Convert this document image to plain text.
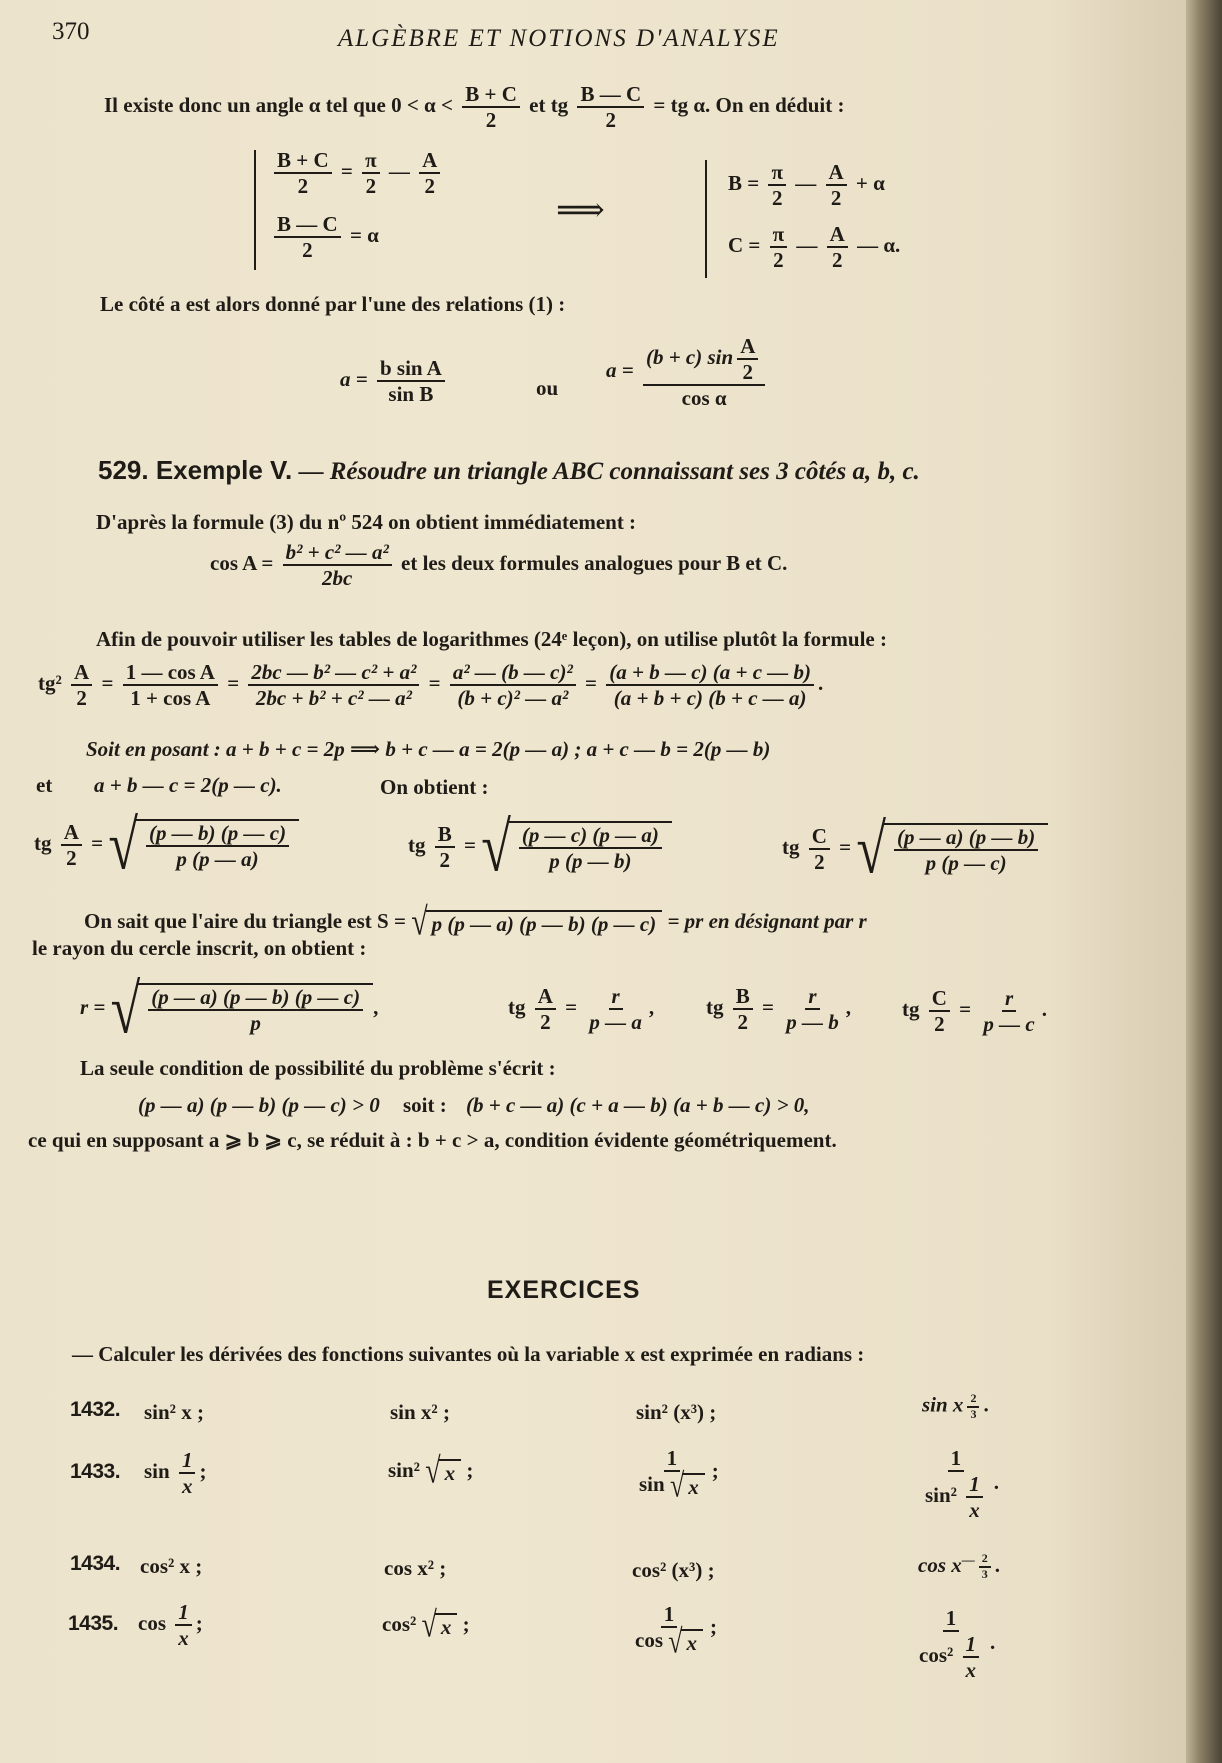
370	ALGÈBRE ET NOTIONS D'ANALYSE
Il existe donc un angle α tel que $0 < \alpha < \frac{B + C}{2}$ et tg $\frac{B — C}{2}$ = tg α. On en déduit :
$\frac{B + C}{2} = \frac{\pi}{2}$ — $\frac{A}{2}$
$\frac{B — C}{2} = \alpha$
⟹
$B = \frac{\pi}{2}$ — $\frac{A}{2} + \alpha$
$C = \frac{\pi}{2}$ — $\frac{A}{2}$ — α.
Le côté a est alors donné par l'une des relations (1) :
$a = \frac{\text{b sin A}}{\text{sin B}}$	ou
$a = \frac{(b + c) \sin \frac{A}{2}}{\text{cos α}}$
529. Exemple V. — Résoudre un triangle ABC connaissant ses 3 côtés a, b, c.
D'après la formule (3) du nº 524 on obtient immédiatement :
$\cos A = \frac{\text{b² + c² — a²}}{2bc}$ et les deux formules analogues pour B et C.
Afin de pouvoir utiliser les tables de logarithmes (24ᵉ leçon), on utilise plutôt la formule :
$tg^2 \frac{A}{2} = \frac{\text{1 — cos A}}{\text{1 + cos A}} = \frac{\text{2bc — b² — c² + a²}}{\text{2bc + b² + c² — a²}} = \frac{\text{a² — (b — c)²}}{\text{(b + c)² — a²}} = \frac{(a + b — c) (a + c — b)}{(a + b + c) (b + c — a)}$ .
Soit en posant : a + b + c = 2p ⟹ b + c — a = 2(p — a) ; a + c — b = 2(p — b)
et a + b — c = 2(p — c).	On obtient :
tg $\frac{A}{2}$ = √ $\frac{(p — b) (p — c)}{p (p — a)}$	tg $\frac{B}{2}$ = √ $\frac{(p — c) (p — a)}{p (p — b)}$	tg $\frac{C}{2}$ = √ $\frac{(p — a) (p — b)}{p (p — c)}$
On sait que l'aire du triangle est S = √ p (p — a) (p — b) (p — c) = pr en désignant par r
le rayon du cercle inscrit, on obtient :
r = √ $\frac{(p — a) (p — b) (p — c)}{p}$ ,	tg $\frac{A}{2} = \frac{r}{p — a}$ , tg $\frac{B}{2} = \frac{r}{p — b}$ , tg $\frac{C}{2} = \frac{r}{p — c}$ .
La seule condition de possibilité du problème s'écrit :
(p — a) (p — b) (p — c) > 0 soit : (b + c — a) (c + a — b) (a + b — c) > 0,
ce qui en supposant a ⩾ b ⩾ c, se réduit à : b + c > a, condition évidente géométriquement.
EXERCICES
— Calculer les dérivées des fonctions suivantes où la variable x est exprimée en radians :
1432. sin² x ;	sin x² ;	sin² (x³) ;	sin x $\frac{2}{3}$ .
1433. $\sin \frac{1}{x}$ ;	sin² √ x ;	$\frac{1}{\sin √ x}$ ;	$\frac{1}{\sin^2 \frac{1}{x}}$ .
1434. cos² x ;	cos x² ;	cos² (x³) ;	$\cos x^— \frac{2}{3}$ .
1435. $\cos \frac{1}{x}$ ;	cos² √ x ;	$\frac{1}{\cos √ x}$ ;	$\frac{1}{\cos^2 \frac{1}{x}}$ .
